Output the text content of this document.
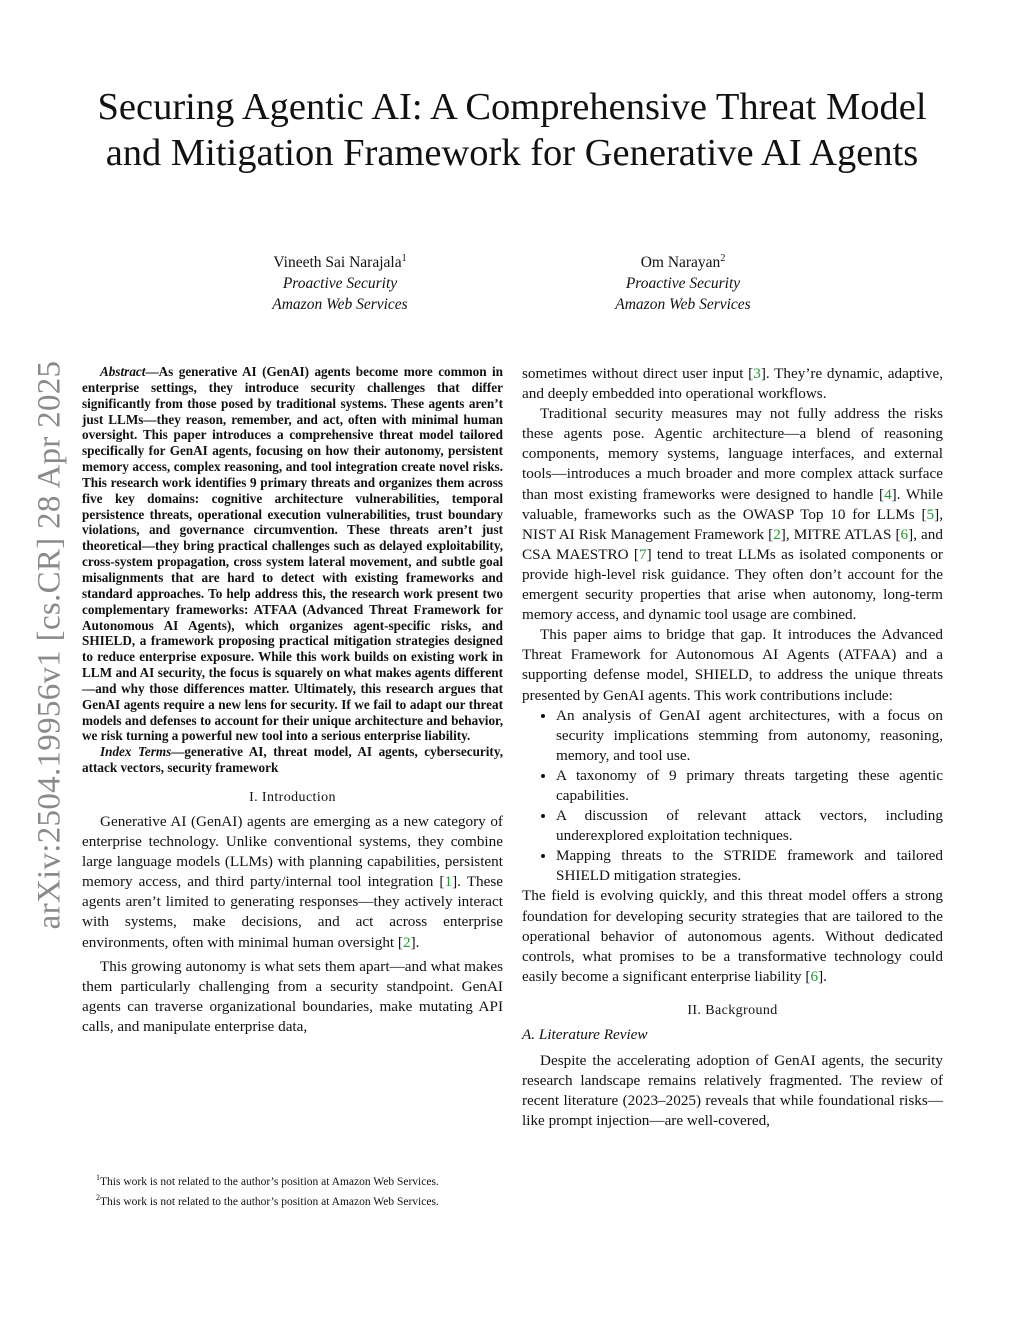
arXiv:2504.19956v1 [cs.CR] 28 Apr 2025
Securing Agentic AI: A Comprehensive Threat Model and Mitigation Framework for Generative AI Agents
Vineeth Sai Narajala$^1$
Proactive Security
Amazon Web Services
Om Narayan$^2$
Proactive Security
Amazon Web Services

Abstract—As generative AI (GenAI) agents become more common in enterprise settings, they introduce security challenges that differ significantly from those posed by traditional systems. These agents aren’t just LLMs—they reason, remember, and act, often with minimal human oversight. This paper introduces a comprehensive threat model tailored specifically for GenAI agents, focusing on how their autonomy, persistent memory access, complex reasoning, and tool integration create novel risks. This research work identifies 9 primary threats and organizes them across five key domains: cognitive architecture vulnerabilities, temporal persistence threats, operational execution vulnerabilities, trust boundary violations, and governance circumvention. These threats aren’t just theoretical—they bring practical challenges such as delayed exploitability, cross-system propagation, cross system lateral movement, and subtle goal misalignments that are hard to detect with existing frameworks and standard approaches. To help address this, the research work present two complementary frameworks: ATFAA (Advanced Threat Framework for Autonomous AI Agents), which organizes agent-specific risks, and SHIELD, a framework proposing practical mitigation strategies designed to reduce enterprise exposure. While this work builds on existing work in LLM and AI security, the focus is squarely on what makes agents different—and why those differences matter. Ultimately, this research argues that GenAI agents require a new lens for security. If we fail to adapt our threat models and defenses to account for their unique architecture and behavior, we risk turning a powerful new tool into a serious enterprise liability.

Index Terms—generative AI, threat model, AI agents, cybersecurity, attack vectors, security framework

I. Introduction

Generative AI (GenAI) agents are emerging as a new category of enterprise technology. Unlike conventional systems, they combine large language models (LLMs) with planning capabilities, persistent memory access, and third party/internal tool integration [1]. These agents aren’t limited to generating responses—they actively interact with systems, make decisions, and act across enterprise environments, often with minimal human oversight [2].

This growing autonomy is what sets them apart—and what makes them particularly challenging from a security standpoint. GenAI agents can traverse organizational boundaries, make mutating API calls, and manipulate enterprise data,

sometimes without direct user input [3]. They’re dynamic, adaptive, and deeply embedded into operational workflows.

Traditional security measures may not fully address the risks these agents pose. Agentic architecture—a blend of reasoning components, memory systems, language interfaces, and external tools—introduces a much broader and more complex attack surface than most existing frameworks were designed to handle [4]. While valuable, frameworks such as the OWASP Top 10 for LLMs [5], NIST AI Risk Management Framework [2], MITRE ATLAS [6], and CSA MAESTRO [7] tend to treat LLMs as isolated components or provide high-level risk guidance. They often don’t account for the emergent security properties that arise when autonomy, long-term memory access, and dynamic tool usage are combined.

This paper aims to bridge that gap. It introduces the Advanced Threat Framework for Autonomous AI Agents (ATFAA) and a supporting defense model, SHIELD, to address the unique threats presented by GenAI agents. This work contributions include:

• An analysis of GenAI agent architectures, with a focus on security implications stemming from autonomy, reasoning, memory, and tool use.
• A taxonomy of 9 primary threats targeting these agentic capabilities.
• A discussion of relevant attack vectors, including underexplored exploitation techniques.
• Mapping threats to the STRIDE framework and tailored SHIELD mitigation strategies.

The field is evolving quickly, and this threat model offers a strong foundation for developing security strategies that are tailored to the operational behavior of autonomous agents. Without dedicated controls, what promises to be a transformative technology could easily become a significant enterprise liability [6].

II. Background

A. Literature Review

Despite the accelerating adoption of GenAI agents, the security research landscape remains relatively fragmented. The review of recent literature (2023–2025) reveals that while foundational risks—like prompt injection—are well-covered,

$^1$This work is not related to the author’s position at Amazon Web Services.
$^2$This work is not related to the author’s position at Amazon Web Services.
